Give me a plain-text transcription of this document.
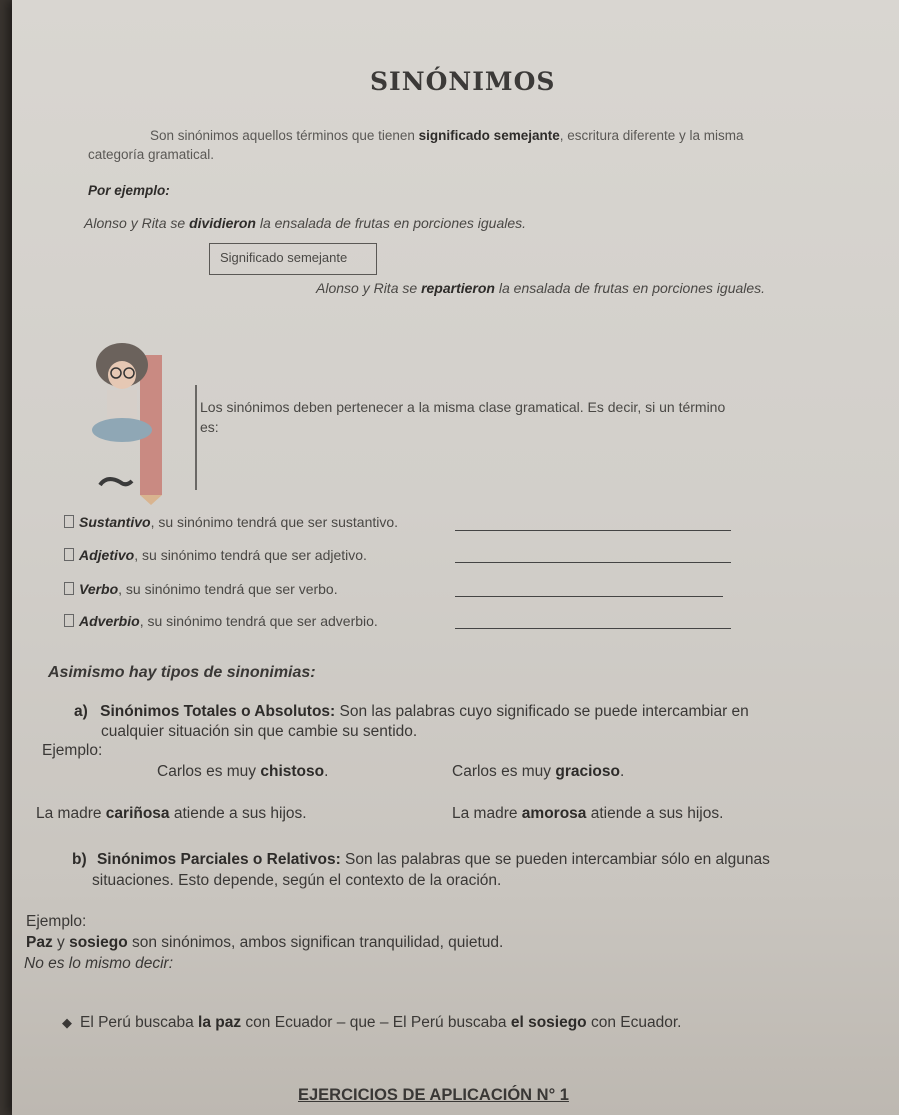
SINÓNIMOS
Son sinónimos aquellos términos que tienen significado semejante, escritura diferente y la misma
categoría gramatical.
Por ejemplo:
Alonso y Rita se dividieron la ensalada de frutas en porciones iguales.
Significado semejante
Alonso y Rita se repartieron la ensalada de frutas en porciones iguales.
Los sinónimos deben pertenecer a la misma clase gramatical. Es decir, si un término
es:
Sustantivo, su sinónimo tendrá que ser sustantivo.
Adjetivo, su sinónimo tendrá que ser adjetivo.
Verbo, su sinónimo tendrá que ser verbo.
Adverbio, su sinónimo tendrá que ser adverbio.
Asimismo hay tipos de sinonimias:
a) Sinónimos Totales o Absolutos: Son las palabras cuyo significado se puede intercambiar en
cualquier situación sin que cambie su sentido.
Ejemplo:
Carlos es muy chistoso.	Carlos es muy gracioso.
La madre cariñosa atiende a sus hijos.	La madre amorosa atiende a sus hijos.
b) Sinónimos Parciales o Relativos: Son las palabras que se pueden intercambiar sólo en algunas
situaciones. Esto depende, según el contexto de la oración.
Ejemplo:
Paz y sosiego son sinónimos, ambos significan tranquilidad, quietud.
No es lo mismo decir:
◆ El Perú buscaba la paz con Ecuador – que – El Perú buscaba el sosiego con Ecuador.
EJERCICIOS DE APLICACIÓN N° 1
